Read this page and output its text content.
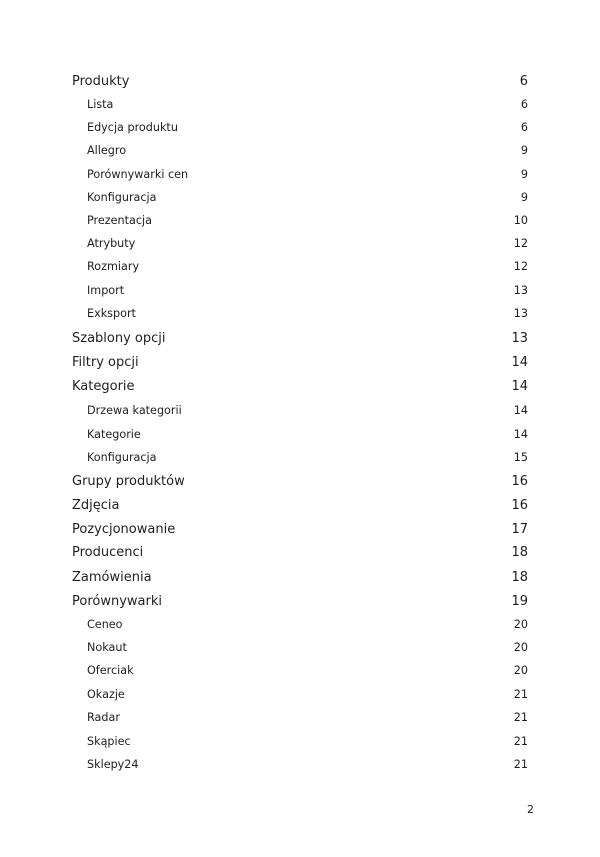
Produkty	6
Lista	6
Edycja produktu	6
Allegro	9
Porównywarki cen	9
Konfiguracja	9
Prezentacja	10
Atrybuty	12
Rozmiary	12
Import	13
Exksport	13
Szablony opcji	13
Filtry opcji	14
Kategorie	14
Drzewa kategorii	14
Kategorie	14
Konfiguracja	15
Grupy produktów	16
Zdjęcia	16
Pozycjonowanie	17
Producenci	18
Zamówienia	18
Porównywarki	19
Ceneo	20
Nokaut	20
Oferciak	20
Okazje	21
Radar	21
Skąpiec	21
Sklepy24	21
2
